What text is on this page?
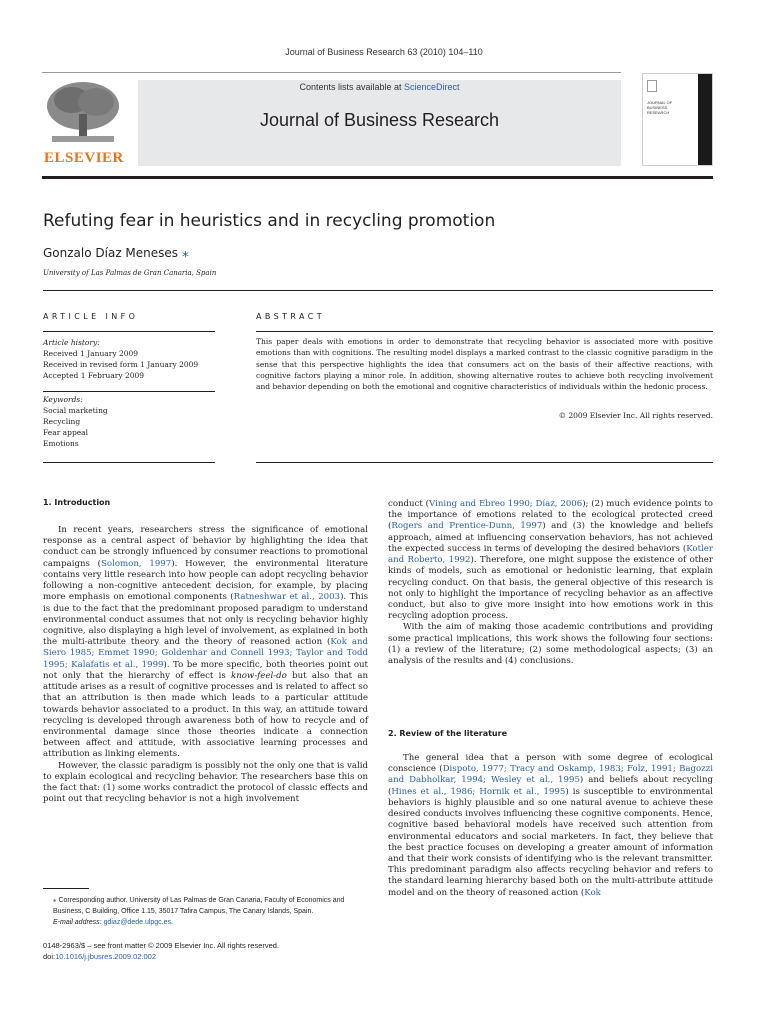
Journal of Business Research 63 (2010) 104–110
ELSEVIER
Contents lists available at ScienceDirect
Journal of Business Research
JOURNAL OF BUSINESS RESEARCH
Refuting fear in heuristics and in recycling promotion
Gonzalo Díaz Meneses ⁎
University of Las Palmas de Gran Canaria, Spain
ARTICLE INFO
Article history:
Received 1 January 2009
Received in revised form 1 January 2009
Accepted 1 February 2009
Keywords:
Social marketing
Recycling
Fear appeal
Emotions
ABSTRACT
This paper deals with emotions in order to demonstrate that recycling behavior is associated more with positive emotions than with cognitions. The resulting model displays a marked contrast to the classic cognitive paradigm in the sense that this perspective highlights the idea that consumers act on the basis of their affective reactions, with cognitive factors playing a minor role. In addition, showing alternative routes to achieve both recycling involvement and behavior depending on both the emotional and cognitive characteristics of individuals within the hedonic process.
© 2009 Elsevier Inc. All rights reserved.
1. Introduction

In recent years, researchers stress the significance of emotional response as a central aspect of behavior by highlighting the idea that conduct can be strongly influenced by consumer reactions to promotional campaigns (Solomon, 1997). However, the environmental literature contains very little research into how people can adopt recycling behavior following a non-cognitive antecedent decision, for example, by placing more emphasis on emotional components (Ratneshwar et al., 2003). This is due to the fact that the predominant proposed paradigm to understand environmental conduct assumes that not only is recycling behavior highly cognitive, also displaying a high level of involvement, as explained in both the multi-attribute theory and the theory of reasoned action (Kok and Siero 1985; Emmet 1990; Goldenhar and Connell 1993; Taylor and Todd 1995; Kalafatis et al., 1999). To be more specific, both theories point out not only that the hierarchy of effect is know-feel-do but also that an attitude arises as a result of cognitive processes and is related to affect so that an attribution is then made which leads to a particular attitude towards behavior associated to a product. In this way, an attitude toward recycling is developed through awareness both of how to recycle and of environmental damage since those theories indicate a connection between affect and attitude, with associative learning processes and attribution as linking elements.

However, the classic paradigm is possibly not the only one that is valid to explain ecological and recycling behavior. The researchers base this on the fact that: (1) some works contradict the protocol of classic effects and point out that recycling behavior is not a high involvement

conduct (Vining and Ebreo 1990; Díaz, 2006); (2) much evidence points to the importance of emotions related to the ecological protected creed (Rogers and Prentice-Dunn, 1997) and (3) the knowledge and beliefs approach, aimed at influencing conservation behaviors, has not achieved the expected success in terms of developing the desired behaviors (Kotler and Roberto, 1992). Therefore, one might suppose the existence of other kinds of models, such as emotional or hedonistic learning, that explain recycling conduct. On that basis, the general objective of this research is not only to highlight the importance of recycling behavior as an affective conduct, but also to give more insight into how emotions work in this recycling adoption process.

With the aim of making those academic contributions and providing some practical implications, this work shows the following four sections: (1) a review of the literature; (2) some methodological aspects; (3) an analysis of the results and (4) conclusions.

2. Review of the literature

The general idea that a person with some degree of ecological conscience (Dispoto, 1977; Tracy and Oskamp, 1983; Folz, 1991; Bagozzi and Dabholkar, 1994; Wesley et al., 1995) and beliefs about recycling (Hines et al., 1986; Hornik et al., 1995) is susceptible to environmental behaviors is highly plausible and so one natural avenue to achieve these desired conducts involves influencing these cognitive components. Hence, cognitive based behavioral models have received such attention from environmental educators and social marketers. In fact, they believe that the best practice focuses on developing a greater amount of information and that their work consists of identifying who is the relevant transmitter. This predominant paradigm also affects recycling behavior and refers to the standard learning hierarchy based both on the multi-attribute attitude model and on the theory of reasoned action (Kok

⁎ Corresponding author. University of Las Palmas de Gran Canaria, Faculty of Economics and Business, C Building, Office 1.15, 35017 Tafira Campus, The Canary Islands, Spain.
E-mail address: gdiaz@dede.ulpgc.es.
0148-2963/$ – see front matter © 2009 Elsevier Inc. All rights reserved.
doi:10.1016/j.jbusres.2009.02.002
